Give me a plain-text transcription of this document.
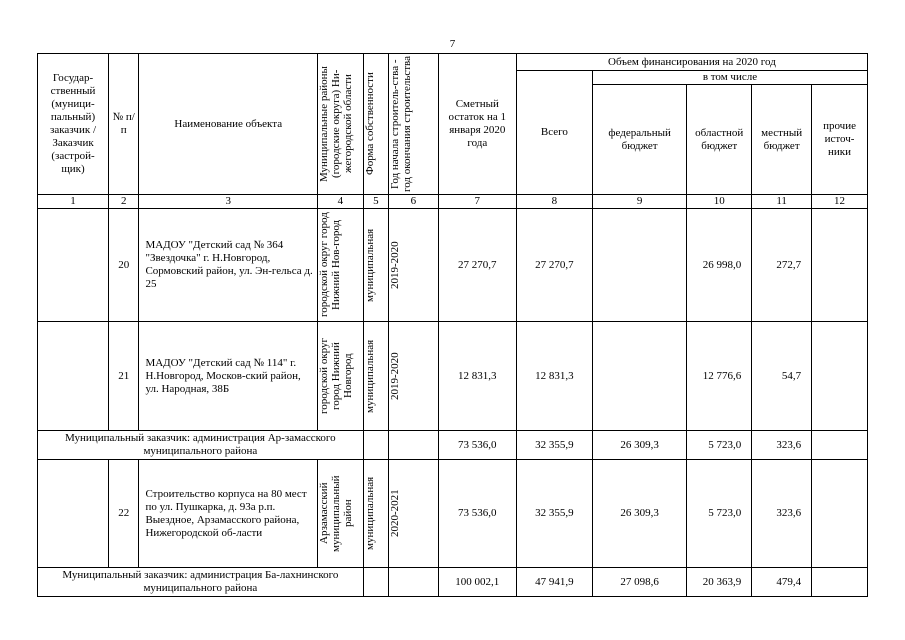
7
Государ-ственный (муници-пальный) заказчик / Заказчик (застрой-щик)	№ п/п	Наименование объекта	Муниципальные районы (городские округа) Ни-жегородской области	Форма собственности	Год начала строитель-ства - год окончания строительства	Сметный остаток на 1 января 2020 года	Объем финансирования на 2020 год				
							Всего	в том числе			
								федеральный бюджет	областной бюджет	местный бюджет	прочие источ-ники
1	2	3	4	5	6	7	8	9	10	11	12
	20	МАДОУ "Детский сад № 364 "Звездочка" г. Н.Новгород, Сормовский район, ул. Эн-гельса д. 25	городской округ город Нижний Нов-город	муниципальная	2019-2020	27 270,7	27 270,7		26 998,0	272,7	
	21	МАДОУ "Детский сад № 114" г. Н.Новгород, Москов-ский район, ул. Народная, 38Б	городской округ город Нижний Новгород	муниципальная	2019-2020	12 831,3	12 831,3		12 776,6	54,7	
Муниципальный заказчик: администрация Ар-замасского муниципального района						73 536,0	32 355,9	26 309,3	5 723,0	323,6	
	22	Строительство корпуса на 80 мест по ул. Пушкарка, д. 93а р.п. Выездное, Арзамасского района, Нижегородской об-ласти	Арзамасский муниципальный район	муниципальная	2020-2021	73 536,0	32 355,9	26 309,3	5 723,0	323,6	
Муниципальный заказчик: администрация Ба-лахнинского муниципального района						100 002,1	47 941,9	27 098,6	20 363,9	479,4	
